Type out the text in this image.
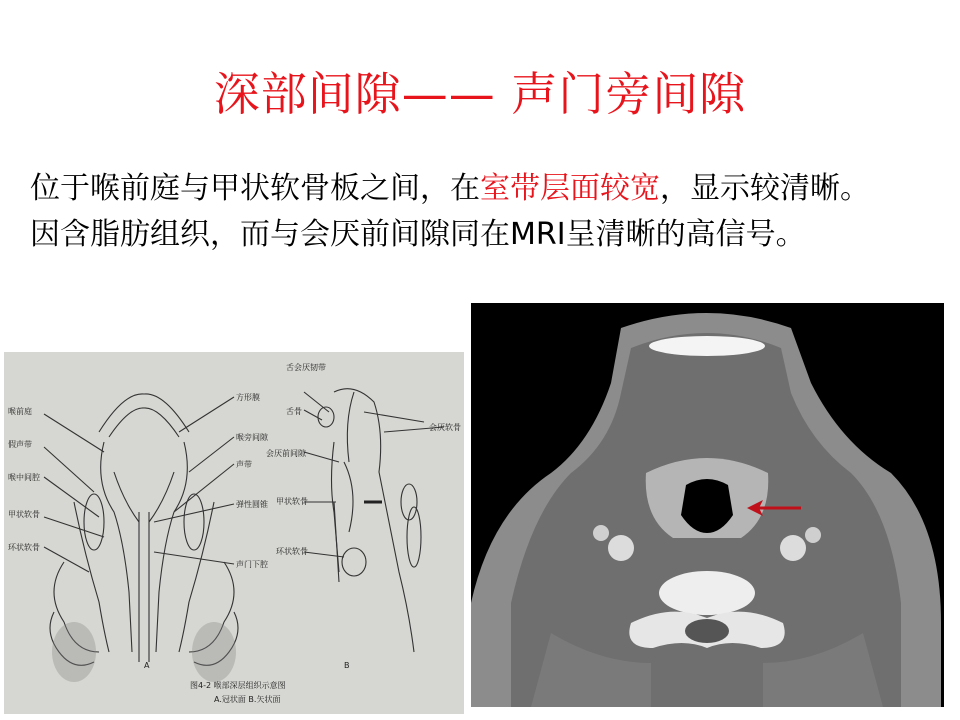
深部间隙—— 声门旁间隙
位于喉前庭与甲状软骨板之间，在室带层面较宽，显示较清晰。因含脂肪组织，而与会厌前间隙同在MRI呈清晰的高信号。
方形膜
喉前庭
喉旁间隙
假声带
声带
喉中间腔
弹性圆锥
甲状软骨
环状软骨
声门下腔
舌会厌韧带
舌骨
会厌软骨
会厌前间隙
甲状软骨
环状软骨
A	B
图4-2 喉部深层组织示意图
A.冠状面 B.矢状面
